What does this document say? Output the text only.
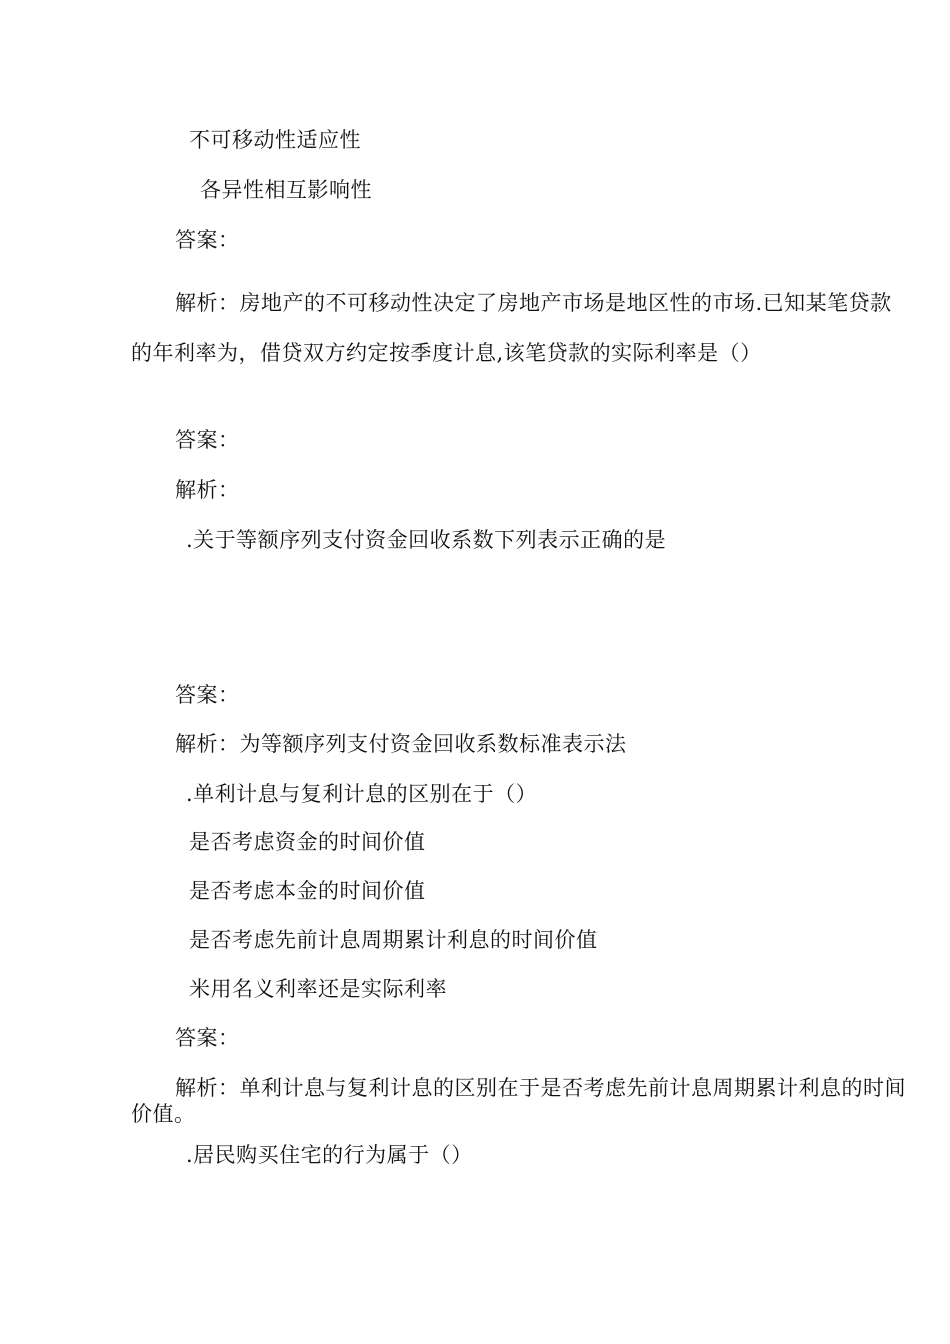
不可移动性适应性
各异性相互影响性
答案：
解析：房地产的不可移动性决定了房地产市场是地区性的市场.已知某笔贷款的年利率为，借贷双方约定按季度计息,该笔贷款的实际利率是（）
答案：
解析：
.关于等额序列支付资金回收系数下列表示正确的是
答案：
解析：为等额序列支付资金回收系数标准表示法
.单利计息与复利计息的区别在于（）
是否考虑资金的时间价值
是否考虑本金的时间价值
是否考虑先前计息周期累计利息的时间价值
米用名义利率还是实际利率
答案：
解析：单利计息与复利计息的区别在于是否考虑先前计息周期累计利息的时间价值。
.居民购买住宅的行为属于（）
